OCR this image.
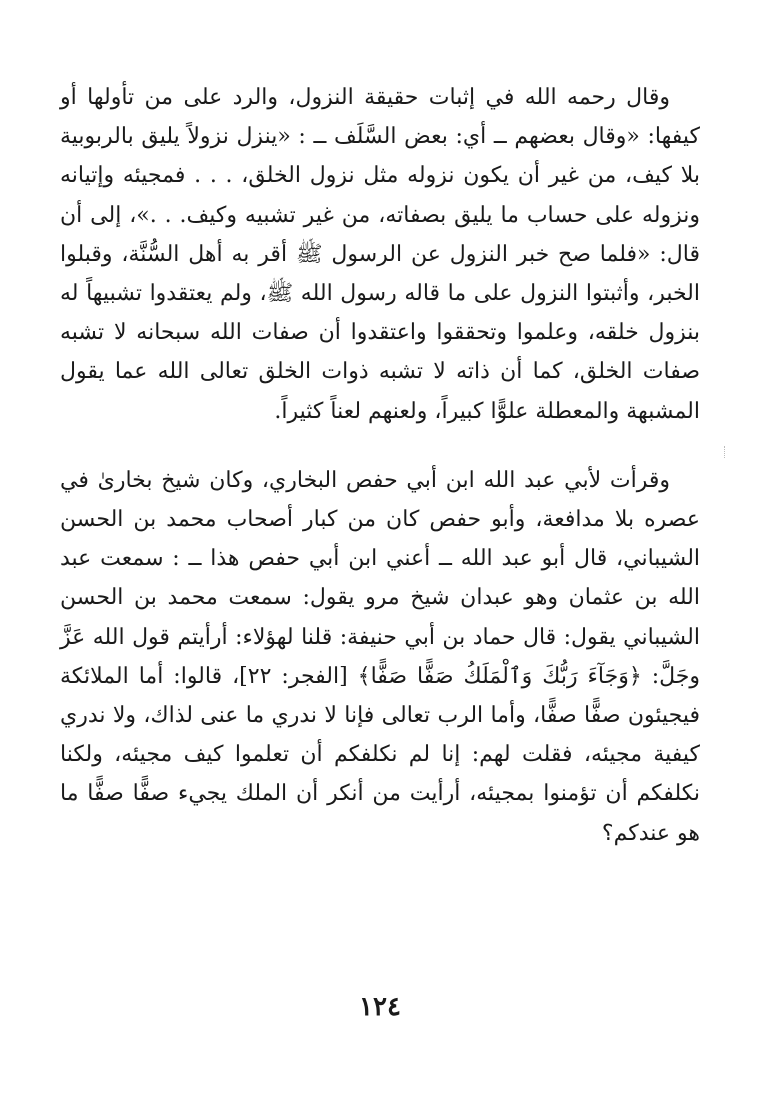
وقال رحمه الله في إثبات حقيقة النزول، والرد على من تأولها أو كيفها: «وقال بعضهم ــ أي: بعض السَّلَف ــ : «ينزل نزولاً يليق بالربوبية بلا كيف، من غير أن يكون نزوله مثل نزول الخلق، . . . فمجيئه وإتيانه ونزوله على حساب ما يليق بصفاته، من غير تشبيه وكيف. . .»، إلى أن قال: «فلما صح خبر النزول عن الرسول ﷺ أقر به أهل السُّنَّة، وقبلوا الخبر، وأثبتوا النزول على ما قاله رسول الله ﷺ، ولم يعتقدوا تشبيهاً له بنزول خلقه، وعلموا وتحققوا واعتقدوا أن صفات الله سبحانه لا تشبه صفات الخلق، كما أن ذاته لا تشبه ذوات الخلق تعالى الله عما يقول المشبهة والمعطلة علوًّا كبيراً، ولعنهم لعناً كثيراً.

وقرأت لأبي عبد الله ابن أبي حفص البخاري، وكان شيخ بخارىٰ في عصره بلا مدافعة، وأبو حفص كان من كبار أصحاب محمد بن الحسن الشيباني، قال أبو عبد الله ــ أعني ابن أبي حفص هذا ــ : سمعت عبد الله بن عثمان وهو عبدان شيخ مرو يقول: سمعت محمد بن الحسن الشيباني يقول: قال حماد بن أبي حنيفة: قلنا لهؤلاء: أرأيتم قول الله عَزَّ وجَلَّ: ﴿وَجَآءَ رَبُّكَ وَٱلْمَلَكُ صَفًّا صَفًّا﴾ [الفجر: ٢٢]، قالوا: أما الملائكة فيجيئون صفًّا صفًّا، وأما الرب تعالى فإنا لا ندري ما عنى لذاك، ولا ندري كيفية مجيئه، فقلت لهم: إنا لم نكلفكم أن تعلموا كيف مجيئه، ولكنا نكلفكم أن تؤمنوا بمجيئه، أرأيت من أنكر أن الملك يجيء صفًّا صفًّا ما هو عندكم؟

١٢٤
